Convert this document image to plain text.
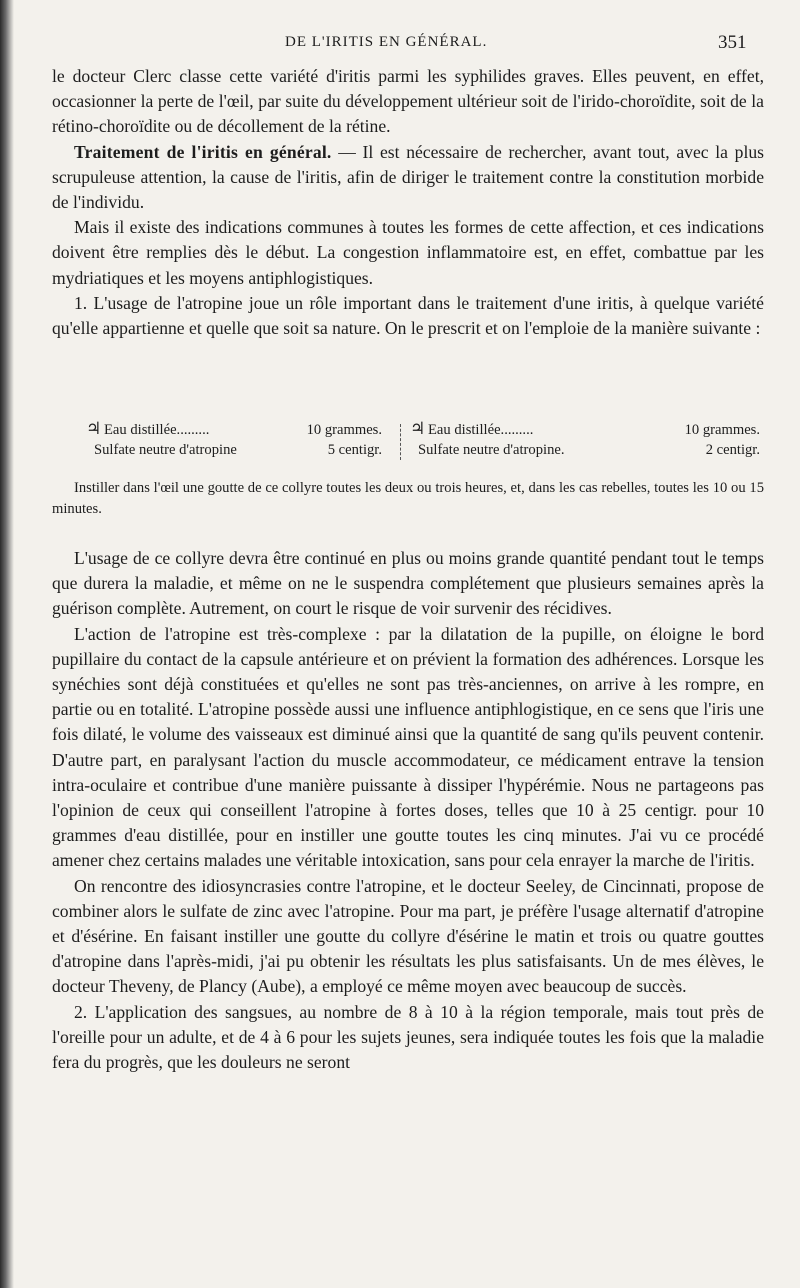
DE L'IRITIS EN GÉNÉRAL.	351

le docteur Clerc classe cette variété d'iritis parmi les syphilides graves. Elles peuvent, en effet, occasionner la perte de l'œil, par suite du développement ultérieur soit de l'irido-choroïdite, soit de la rétino-choroïdite ou de décollement de la rétine.

Traitement de l'iritis en général. — Il est nécessaire de rechercher, avant tout, avec la plus scrupuleuse attention, la cause de l'iritis, afin de diriger le traitement contre la constitution morbide de l'individu.

Mais il existe des indications communes à toutes les formes de cette affection, et ces indications doivent être remplies dès le début. La congestion inflammatoire est, en effet, combattue par les mydriatiques et les moyens antiphlogistiques.

1. L'usage de l'atropine joue un rôle important dans le traitement d'une iritis, à quelque variété qu'elle appartienne et quelle que soit sa nature. On le prescrit et on l'emploie de la manière suivante :

♃ Eau distillée.........	10 grammes.
Sulfate neutre d'atropine	5 centigr.
♃ Eau distillée.........	10 grammes.
Sulfate neutre d'atropine.	2 centigr.

Instiller dans l'œil une goutte de ce collyre toutes les deux ou trois heures, et, dans les cas rebelles, toutes les 10 ou 15 minutes.

L'usage de ce collyre devra être continué en plus ou moins grande quantité pendant tout le temps que durera la maladie, et même on ne le suspendra complétement que plusieurs semaines après la guérison complète. Autrement, on court le risque de voir survenir des récidives.

L'action de l'atropine est très-complexe : par la dilatation de la pupille, on éloigne le bord pupillaire du contact de la capsule antérieure et on prévient la formation des adhérences. Lorsque les synéchies sont déjà constituées et qu'elles ne sont pas très-anciennes, on arrive à les rompre, en partie ou en totalité. L'atropine possède aussi une influence antiphlogistique, en ce sens que l'iris une fois dilaté, le volume des vaisseaux est diminué ainsi que la quantité de sang qu'ils peuvent contenir. D'autre part, en paralysant l'action du muscle accommodateur, ce médicament entrave la tension intra-oculaire et contribue d'une manière puissante à dissiper l'hypérémie. Nous ne partageons pas l'opinion de ceux qui conseillent l'atropine à fortes doses, telles que 10 à 25 centigr. pour 10 grammes d'eau distillée, pour en instiller une goutte toutes les cinq minutes. J'ai vu ce procédé amener chez certains malades une véritable intoxication, sans pour cela enrayer la marche de l'iritis.

On rencontre des idiosyncrasies contre l'atropine, et le docteur Seeley, de Cincinnati, propose de combiner alors le sulfate de zinc avec l'atropine. Pour ma part, je préfère l'usage alternatif d'atropine et d'ésérine. En faisant instiller une goutte du collyre d'ésérine le matin et trois ou quatre gouttes d'atropine dans l'après-midi, j'ai pu obtenir les résultats les plus satisfaisants. Un de mes élèves, le docteur Theveny, de Plancy (Aube), a employé ce même moyen avec beaucoup de succès.

2. L'application des sangsues, au nombre de 8 à 10 à la région temporale, mais tout près de l'oreille pour un adulte, et de 4 à 6 pour les sujets jeunes, sera indiquée toutes les fois que la maladie fera du progrès, que les douleurs ne seront
